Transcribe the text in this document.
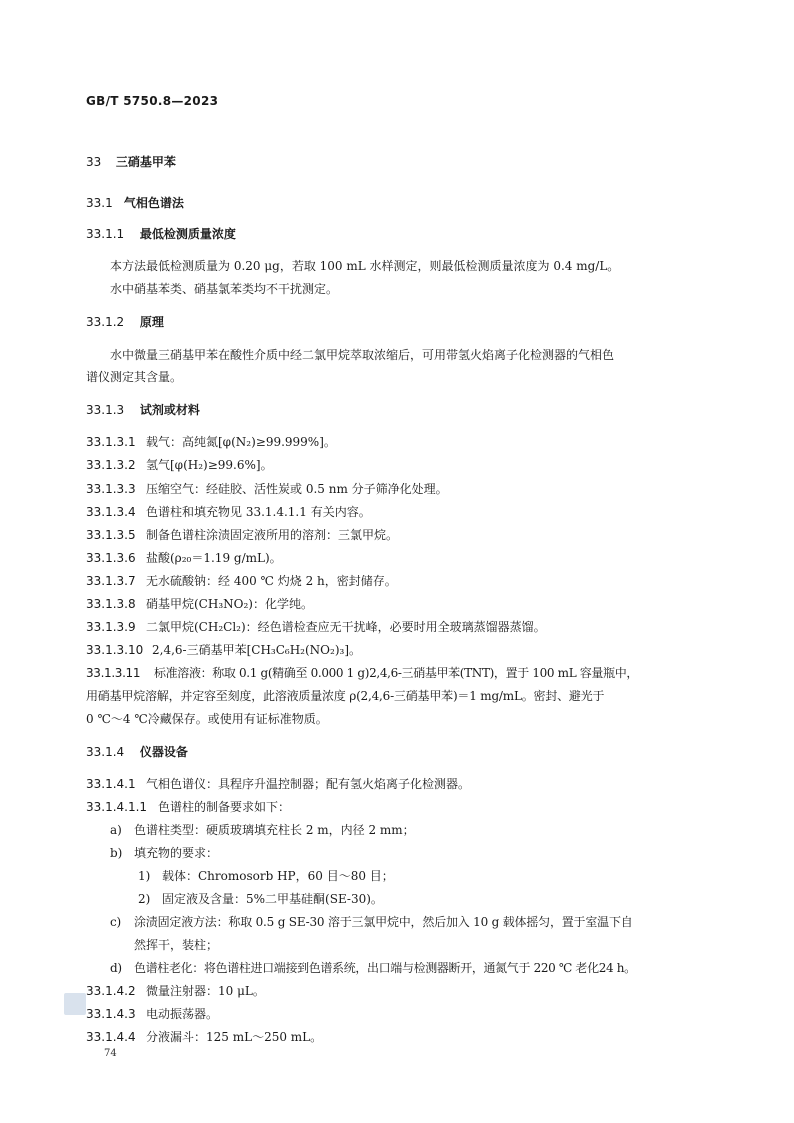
GB/T 5750.8—2023
33 三硝基甲苯
33.1 气相色谱法
33.1.1 最低检测质量浓度
本方法最低检测质量为 0.20 μg，若取 100 mL 水样测定，则最低检测质量浓度为 0.4 mg/L。
水中硝基苯类、硝基氯苯类均不干扰测定。
33.1.2 原理
水中微量三硝基甲苯在酸性介质中经二氯甲烷萃取浓缩后，可用带氢火焰离子化检测器的气相色
谱仪测定其含量。
33.1.3 试剂或材料
33.1.3.1 载气：高纯氮[φ(N₂)≥99.999%]。
33.1.3.2 氢气[φ(H₂)≥99.6%]。
33.1.3.3 压缩空气：经硅胶、活性炭或 0.5 nm 分子筛净化处理。
33.1.3.4 色谱柱和填充物见 33.1.4.1.1 有关内容。
33.1.3.5 制备色谱柱涂渍固定液所用的溶剂：三氯甲烷。
33.1.3.6 盐酸(ρ₂₀＝1.19 g/mL)。
33.1.3.7 无水硫酸钠：经 400 ℃ 灼烧 2 h，密封储存。
33.1.3.8 硝基甲烷(CH₃NO₂)：化学纯。
33.1.3.9 二氯甲烷(CH₂Cl₂)：经色谱检查应无干扰峰，必要时用全玻璃蒸馏器蒸馏。
33.1.3.10 2,4,6-三硝基甲苯[CH₃C₆H₂(NO₂)₃]。
33.1.3.11 标准溶液：称取 0.1 g(精确至 0.000 1 g)2,4,6-三硝基甲苯(TNT)，置于 100 mL 容量瓶中，
用硝基甲烷溶解，并定容至刻度，此溶液质量浓度 ρ(2,4,6-三硝基甲苯)＝1 mg/mL。密封、避光于
0 ℃～4 ℃冷藏保存。或使用有证标准物质。
33.1.4 仪器设备
33.1.4.1 气相色谱仪：具程序升温控制器；配有氢火焰离子化检测器。
33.1.4.1.1 色谱柱的制备要求如下：
a) 色谱柱类型：硬质玻璃填充柱长 2 m，内径 2 mm；
b) 填充物的要求：
1) 载体：Chromosorb HP，60 目～80 目；
2) 固定液及含量：5%二甲基硅酮(SE-30)。
c) 涂渍固定液方法：称取 0.5 g SE-30 溶于三氯甲烷中，然后加入 10 g 载体摇匀，置于室温下自
然挥干，装柱；
d) 色谱柱老化：将色谱柱进口端接到色谱系统，出口端与检测器断开，通氮气于 220 ℃ 老化24 h。
33.1.4.2 微量注射器：10 μL。
33.1.4.3 电动振荡器。
33.1.4.4 分液漏斗：125 mL～250 mL。
74
